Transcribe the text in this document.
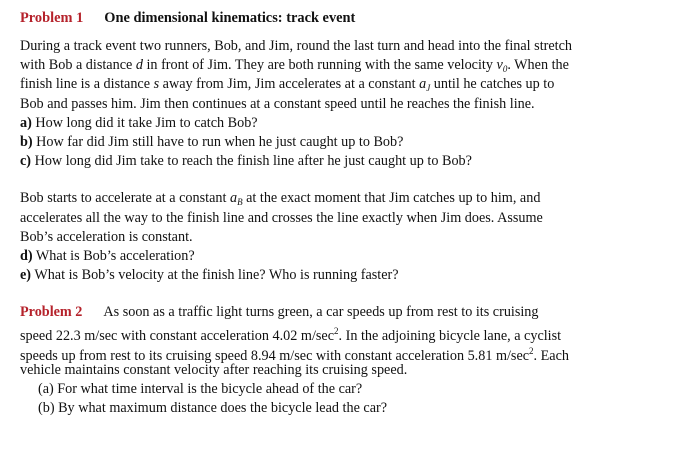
Problem 1 One dimensional kinematics: track event
During a track event two runners, Bob, and Jim, round the last turn and head into the final stretch
with Bob a distance d in front of Jim. They are both running with the same velocity $v_0$. When the
finish line is a distance s away from Jim, Jim accelerates at a constant $a_J$ until he catches up to
Bob and passes him. Jim then continues at a constant speed until he reaches the finish line.
a) How long did it take Jim to catch Bob?
b) How far did Jim still have to run when he just caught up to Bob?
c) How long did Jim take to reach the finish line after he just caught up to Bob?
Bob starts to accelerate at a constant $a_B$ at the exact moment that Jim catches up to him, and
accelerates all the way to the finish line and crosses the line exactly when Jim does. Assume
Bob’s acceleration is constant.
d) What is Bob’s acceleration?
e) What is Bob’s velocity at the finish line? Who is running faster?
Problem 2 As soon as a traffic light turns green, a car speeds up from rest to its cruising
speed 22.3 m/sec with constant acceleration 4.02 $m/\sec^2$. In the adjoining bicycle lane, a cyclist
speeds up from rest to its cruising speed 8.94 m/sec with constant acceleration 5.81 $m/\sec^2$. Each
vehicle maintains constant velocity after reaching its cruising speed.
(a) For what time interval is the bicycle ahead of the car?
(b) By what maximum distance does the bicycle lead the car?
